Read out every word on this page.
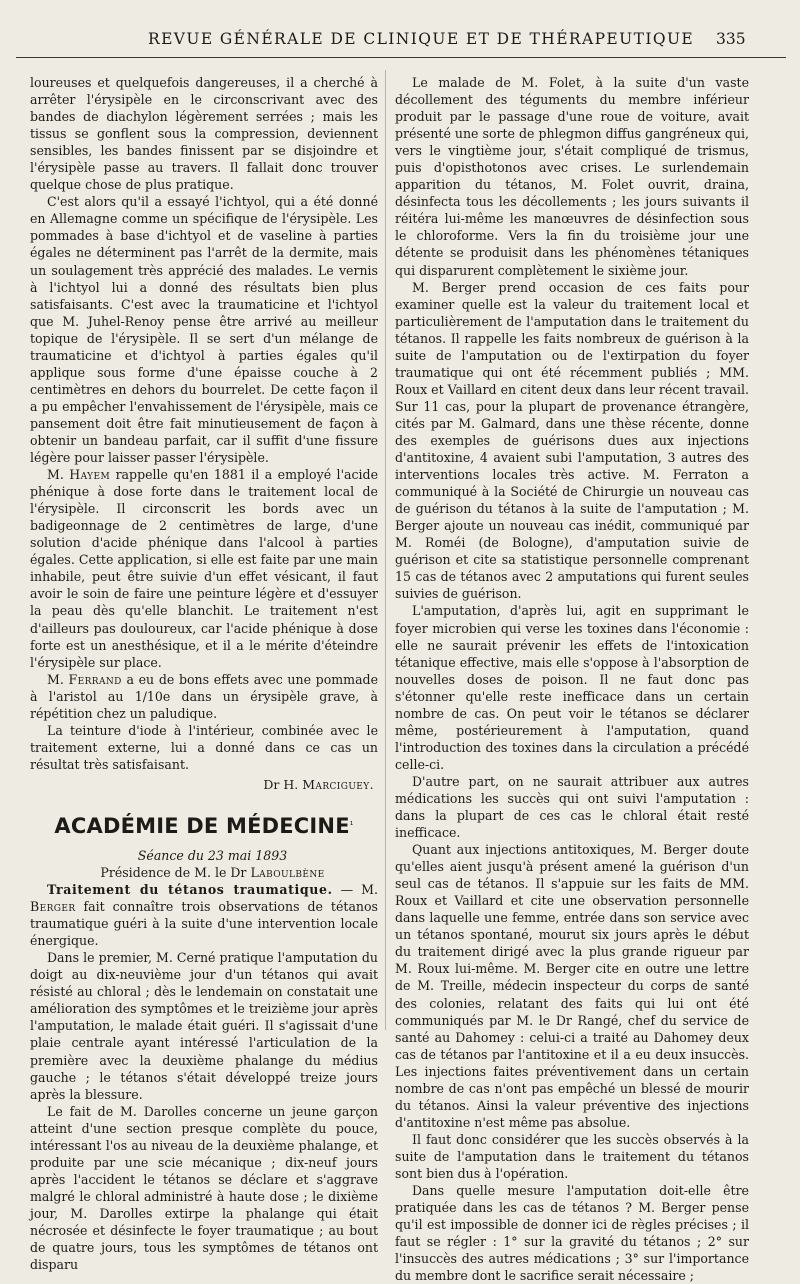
REVUE GÉNÉRALE DE CLINIQUE ET DE THÉRAPEUTIQUE 335

loureuses et quelquefois dangereuses, il a cherché à arrêter l'érysipèle en le circonscrivant avec des bandes de diachylon légèrement serrées ; mais les tissus se gonflent sous la compression, deviennent sensibles, les bandes finissent par se disjoindre et l'érysipèle passe au travers. Il fallait donc trouver quelque chose de plus pratique.

C'est alors qu'il a essayé l'ichtyol, qui a été donné en Allemagne comme un spécifique de l'érysipèle. Les pommades à base d'ichtyol et de vaseline à parties égales ne déterminent pas l'arrêt de la dermite, mais un soulagement très apprécié des malades. Le vernis à l'ichtyol lui a donné des résultats bien plus satisfaisants. C'est avec la traumaticine et l'ichtyol que M. Juhel-Renoy pense être arrivé au meilleur topique de l'érysipèle. Il se sert d'un mélange de traumaticine et d'ichtyol à parties égales qu'il applique sous forme d'une épaisse couche à 2 centimètres en dehors du bourrelet. De cette façon il a pu empêcher l'envahissement de l'érysipèle, mais ce pansement doit être fait minutieusement de façon à obtenir un bandeau parfait, car il suffit d'une fissure légère pour laisser passer l'érysipèle.

M. Hayem rappelle qu'en 1881 il a employé l'acide phénique à dose forte dans le traitement local de l'érysipèle. Il circonscrit les bords avec un badigeonnage de 2 centimètres de large, d'une solution d'acide phénique dans l'alcool à parties égales. Cette application, si elle est faite par une main inhabile, peut être suivie d'un effet vésicant, il faut avoir le soin de faire une peinture légère et d'essuyer la peau dès qu'elle blanchit. Le traitement n'est d'ailleurs pas douloureux, car l'acide phénique à dose forte est un anesthésique, et il a le mérite d'éteindre l'érysipèle sur place.

M. Ferrand a eu de bons effets avec une pommade à l'aristol au 1/10e dans un érysipèle grave, à répétition chez un paludique.

La teinture d'iode à l'intérieur, combinée avec le traitement externe, lui a donné dans ce cas un résultat très satisfaisant.

Dr H. Marciguey.
ACADÉMIE DE $MÉDECINE^{^1}$

Séance du 23 mai 1893

Présidence de M. le Dr Laboulbène

Traitement du tétanos traumatique. — M. Berger fait connaître trois observations de tétanos traumatique guéri à la suite d'une intervention locale énergique.

Dans le premier, M. Cerné pratique l'amputation du doigt au dix-neuvième jour d'un tétanos qui avait résisté au chloral ; dès le lendemain on constatait une amélioration des symptômes et le treizième jour après l'amputation, le malade était guéri. Il s'agissait d'une plaie centrale ayant intéressé l'articulation de la première avec la deuxième phalange du médius gauche ; le tétanos s'était développé treize jours après la blessure.

Le fait de M. Darolles concerne un jeune garçon atteint d'une section presque complète du pouce, intéressant l'os au niveau de la deuxième phalange, et produite par une scie mécanique ; dix-neuf jours après l'accident le tétanos se déclare et s'aggrave malgré le chloral administré à haute dose ; le dixième jour, M. Darolles extirpe la phalange qui était nécrosée et désinfecte le foyer traumatique ; au bout de quatre jours, tous les symptômes de tétanos ont disparu

Le malade de M. Folet, à la suite d'un vaste décollement des téguments du membre inférieur produit par le passage d'une roue de voiture, avait présenté une sorte de phlegmon diffus gangréneux qui, vers le vingtième jour, s'était compliqué de trismus, puis d'opisthotonos avec crises. Le surlendemain apparition du tétanos, M. Folet ouvrit, draina, désinfecta tous les décollements ; les jours suivants il réitéra lui-même les manœuvres de désinfection sous le chloroforme. Vers la fin du troisième jour une détente se produisit dans les phénomènes tétaniques qui disparurent complètement le sixième jour.

M. Berger prend occasion de ces faits pour examiner quelle est la valeur du traitement local et particulièrement de l'amputation dans le traitement du tétanos. Il rappelle les faits nombreux de guérison à la suite de l'amputation ou de l'extirpation du foyer traumatique qui ont été récemment publiés ; MM. Roux et Vaillard en citent deux dans leur récent travail. Sur 11 cas, pour la plupart de provenance étrangère, cités par M. Galmard, dans une thèse récente, donne des exemples de guérisons dues aux injections d'antitoxine, 4 avaient subi l'amputation, 3 autres des interventions locales très active. M. Ferraton a communiqué à la Société de Chirurgie un nouveau cas de guérison du tétanos à la suite de l'amputation ; M. Berger ajoute un nouveau cas inédit, communiqué par M. Roméi (de Bologne), d'amputation suivie de guérison et cite sa statistique personnelle comprenant 15 cas de tétanos avec 2 amputations qui furent seules suivies de guérison.

L'amputation, d'après lui, agit en supprimant le foyer microbien qui verse les toxines dans l'économie : elle ne saurait prévenir les effets de l'intoxication tétanique effective, mais elle s'oppose à l'absorption de nouvelles doses de poison. Il ne faut donc pas s'étonner qu'elle reste inefficace dans un certain nombre de cas. On peut voir le tétanos se déclarer même, postérieurement à l'amputation, quand l'introduction des toxines dans la circulation a précédé celle-ci.

D'autre part, on ne saurait attribuer aux autres médications les succès qui ont suivi l'amputation : dans la plupart de ces cas le chloral était resté inefficace.

Quant aux injections antitoxiques, M. Berger doute qu'elles aient jusqu'à présent amené la guérison d'un seul cas de tétanos. Il s'appuie sur les faits de MM. Roux et Vaillard et cite une observation personnelle dans laquelle une femme, entrée dans son service avec un tétanos spontané, mourut six jours après le début du traitement dirigé avec la plus grande rigueur par M. Roux lui-même. M. Berger cite en outre une lettre de M. Treille, médecin inspecteur du corps de santé des colonies, relatant des faits qui lui ont été communiqués par M. le Dr Rangé, chef du service de santé au Dahomey : celui-ci a traité au Dahomey deux cas de tétanos par l'antitoxine et il a eu deux insuccès. Les injections faites préventivement dans un certain nombre de cas n'ont pas empêché un blessé de mourir du tétanos. Ainsi la valeur préventive des injections d'antitoxine n'est même pas absolue.

Il faut donc considérer que les succès observés à la suite de l'amputation dans le traitement du tétanos sont bien dus à l'opération.

Dans quelle mesure l'amputation doit-elle être pratiquée dans les cas de tétanos ? M. Berger pense qu'il est impossible de donner ici de règles précises ; il faut se régler : 1° sur la gravité du tétanos ; 2° sur l'insuccès des autres médications ; 3° sur l'importance du membre dont le sacrifice serait nécessaire ;
